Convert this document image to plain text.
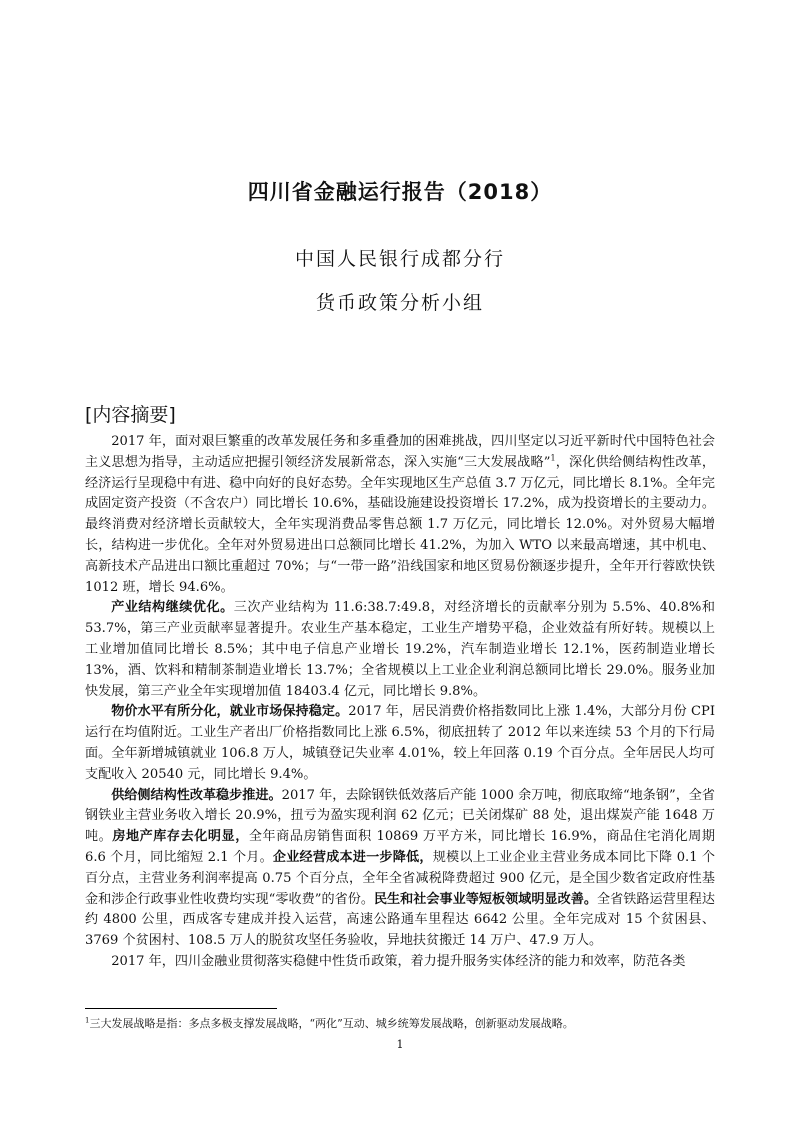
四川省金融运行报告（2018）
中国人民银行成都分行
货币政策分析小组
[内容摘要]

2017 年，面对艰巨繁重的改革发展任务和多重叠加的困难挑战，四川坚定以习近平新时代中国特色社会主义思想为指导，主动适应把握引领经济发展新常态，深入实施“三大发展战略”$^1$，深化供给侧结构性改革，经济运行呈现稳中有进、稳中向好的良好态势。全年实现地区生产总值 3.7 万亿元，同比增长 8.1%。全年完成固定资产投资（不含农户）同比增长 10.6%，基础设施建设投资增长 17.2%，成为投资增长的主要动力。最终消费对经济增长贡献较大，全年实现消费品零售总额 1.7 万亿元，同比增长 12.0%。对外贸易大幅增长，结构进一步优化。全年对外贸易进出口总额同比增长 41.2%，为加入 WTO 以来最高增速，其中机电、高新技术产品进出口额比重超过 70%；与“一带一路”沿线国家和地区贸易份额逐步提升，全年开行蓉欧快铁 1012 班，增长 94.6%。

产业结构继续优化。三次产业结构为 11.6:38.7:49.8，对经济增长的贡献率分别为 5.5%、40.8%和 53.7%，第三产业贡献率显著提升。农业生产基本稳定，工业生产增势平稳，企业效益有所好转。规模以上工业增加值同比增长 8.5%；其中电子信息产业增长 19.2%，汽车制造业增长 12.1%，医药制造业增长 13%，酒、饮料和精制茶制造业增长 13.7%；全省规模以上工业企业利润总额同比增长 29.0%。服务业加快发展，第三产业全年实现增加值 18403.4 亿元，同比增长 9.8%。

物价水平有所分化，就业市场保持稳定。2017 年，居民消费价格指数同比上涨 1.4%，大部分月份 CPI 运行在均值附近。工业生产者出厂价格指数同比上涨 6.5%，彻底扭转了 2012 年以来连续 53 个月的下行局面。全年新增城镇就业 106.8 万人，城镇登记失业率 4.01%，较上年回落 0.19 个百分点。全年居民人均可支配收入 20540 元，同比增长 9.4%。

供给侧结构性改革稳步推进。2017 年，去除钢铁低效落后产能 1000 余万吨，彻底取缔“地条钢”，全省钢铁业主营业务收入增长 20.9%，扭亏为盈实现利润 62 亿元；已关闭煤矿 88 处，退出煤炭产能 1648 万吨。房地产库存去化明显，全年商品房销售面积 10869 万平方米，同比增长 16.9%，商品住宅消化周期 6.6 个月，同比缩短 2.1 个月。企业经营成本进一步降低，规模以上工业企业主营业务成本同比下降 0.1 个百分点，主营业务利润率提高 0.75 个百分点，全年全省减税降费超过 900 亿元，是全国少数省定政府性基金和涉企行政事业性收费均实现“零收费”的省份。民生和社会事业等短板领域明显改善。全省铁路运营里程达约 4800 公里，西成客专建成并投入运营，高速公路通车里程达 6642 公里。全年完成对 15 个贫困县、3769 个贫困村、108.5 万人的脱贫攻坚任务验收，异地扶贫搬迁 14 万户、47.9 万人。

2017 年，四川金融业贯彻落实稳健中性货币政策，着力提升服务实体经济的能力和效率，防范各类

$^1$三大发展战略是指：多点多极支撑发展战略，“两化”互动、城乡统筹发展战略，创新驱动发展战略。
1
